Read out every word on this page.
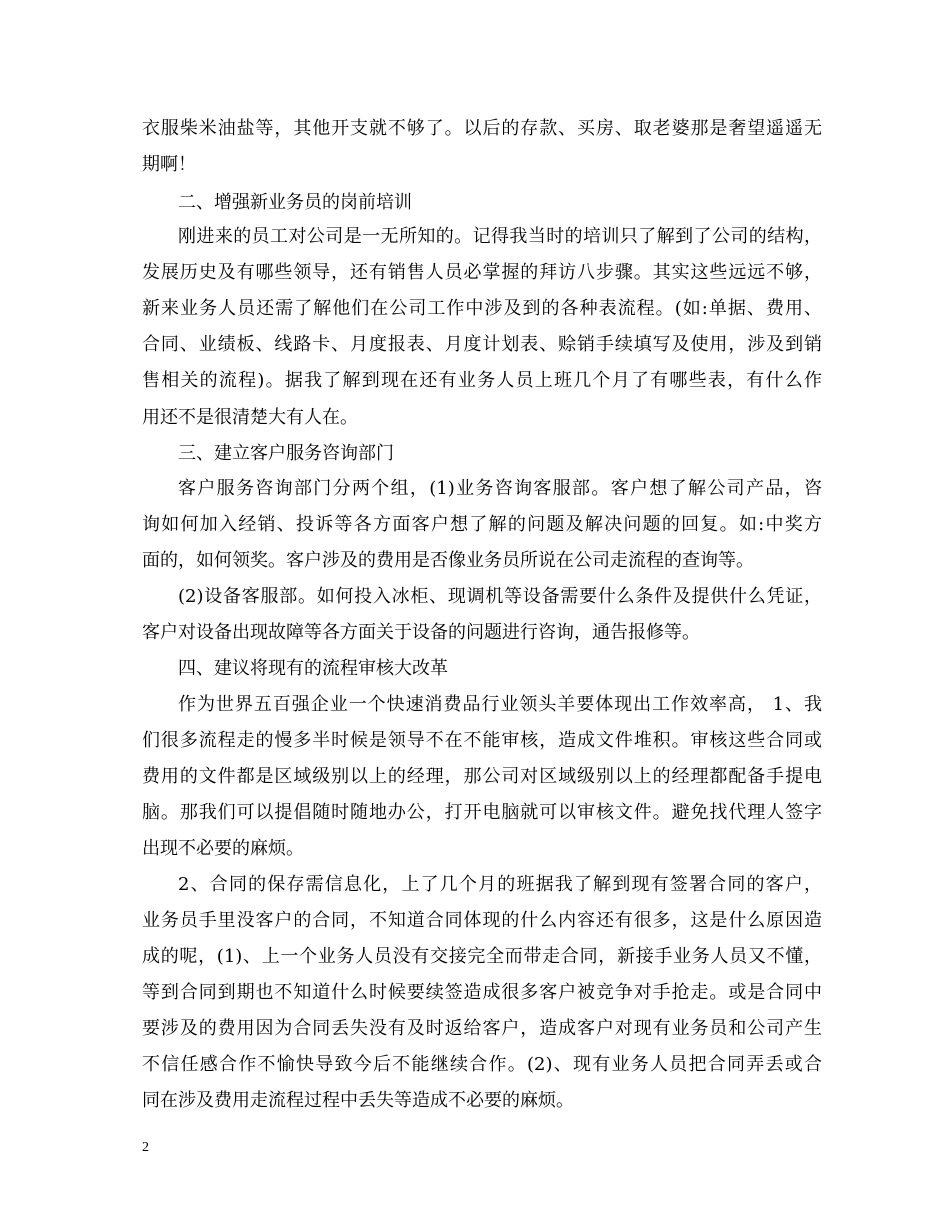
衣服柴米油盐等，其他开支就不够了。以后的存款、买房、取老婆那是奢望遥遥无
期啊！
二、增强新业务员的岗前培训
刚进来的员工对公司是一无所知的。记得我当时的培训只了解到了公司的结构，
发展历史及有哪些领导，还有销售人员必掌握的拜访八步骤。其实这些远远不够，
新来业务人员还需了解他们在公司工作中涉及到的各种表流程。(如:单据、费用、
合同、业绩板、线路卡、月度报表、月度计划表、赊销手续填写及使用，涉及到销
售相关的流程)。据我了解到现在还有业务人员上班几个月了有哪些表，有什么作
用还不是很清楚大有人在。
三、建立客户服务咨询部门
客户服务咨询部门分两个组，(1)业务咨询客服部。客户想了解公司产品，咨
询如何加入经销、投诉等各方面客户想了解的问题及解决问题的回复。如:中奖方
面的，如何领奖。客户涉及的费用是否像业务员所说在公司走流程的查询等。
(2)设备客服部。如何投入冰柜、现调机等设备需要什么条件及提供什么凭证，
客户对设备出现故障等各方面关于设备的问题进行咨询，通告报修等。
四、建议将现有的流程审核大改革
作为世界五百强企业一个快速消费品行业领头羊要体现出工作效率高， 1、我
们很多流程走的慢多半时候是领导不在不能审核，造成文件堆积。审核这些合同或
费用的文件都是区域级别以上的经理，那公司对区域级别以上的经理都配备手提电
脑。那我们可以提倡随时随地办公，打开电脑就可以审核文件。避免找代理人签字
出现不必要的麻烦。
2、合同的保存需信息化，上了几个月的班据我了解到现有签署合同的客户，
业务员手里没客户的合同，不知道合同体现的什么内容还有很多，这是什么原因造
成的呢，(1)、上一个业务人员没有交接完全而带走合同，新接手业务人员又不懂，
等到合同到期也不知道什么时候要续签造成很多客户被竞争对手抢走。或是合同中
要涉及的费用因为合同丢失没有及时返给客户，造成客户对现有业务员和公司产生
不信任感合作不愉快导致今后不能继续合作。(2)、现有业务人员把合同弄丢或合
同在涉及费用走流程过程中丢失等造成不必要的麻烦。
2
